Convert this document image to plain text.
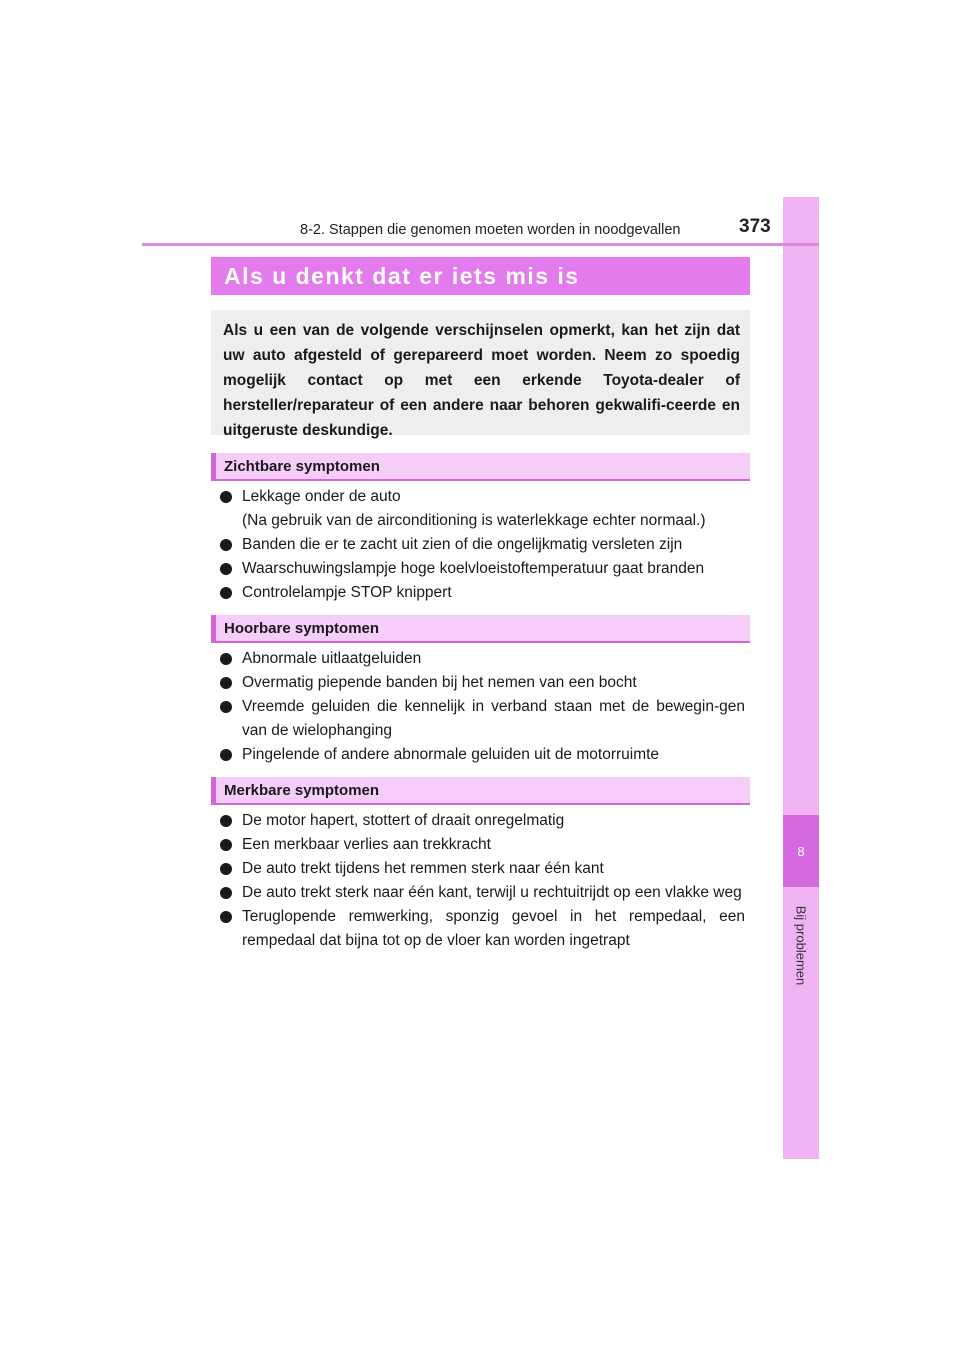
8
Bij problemen
8-2. Stappen die genomen moeten worden in noodgevallen	373
Als u denkt dat er iets mis is
Als u een van de volgende verschijnselen opmerkt, kan het zijn dat uw auto afgesteld of gerepareerd moet worden. Neem zo spoedig mogelijk contact op met een erkende Toyota-dealer of hersteller/reparateur of een andere naar behoren gekwalifi-ceerde en uitgeruste deskundige.
Zichtbare symptomen
Lekkage onder de auto
(Na gebruik van de airconditioning is waterlekkage echter normaal.)
Banden die er te zacht uit zien of die ongelijkmatig versleten zijn
Waarschuwingslampje hoge koelvloeistoftemperatuur gaat branden
Controlelampje STOP knippert
Hoorbare symptomen
Abnormale uitlaatgeluiden
Overmatig piepende banden bij het nemen van een bocht
Vreemde geluiden die kennelijk in verband staan met de bewegin-gen van de wielophanging
Pingelende of andere abnormale geluiden uit de motorruimte
Merkbare symptomen
De motor hapert, stottert of draait onregelmatig
Een merkbaar verlies aan trekkracht
De auto trekt tijdens het remmen sterk naar één kant
De auto trekt sterk naar één kant, terwijl u rechtuitrijdt op een vlakke weg
Teruglopende remwerking, sponzig gevoel in het rempedaal, een rempedaal dat bijna tot op de vloer kan worden ingetrapt
